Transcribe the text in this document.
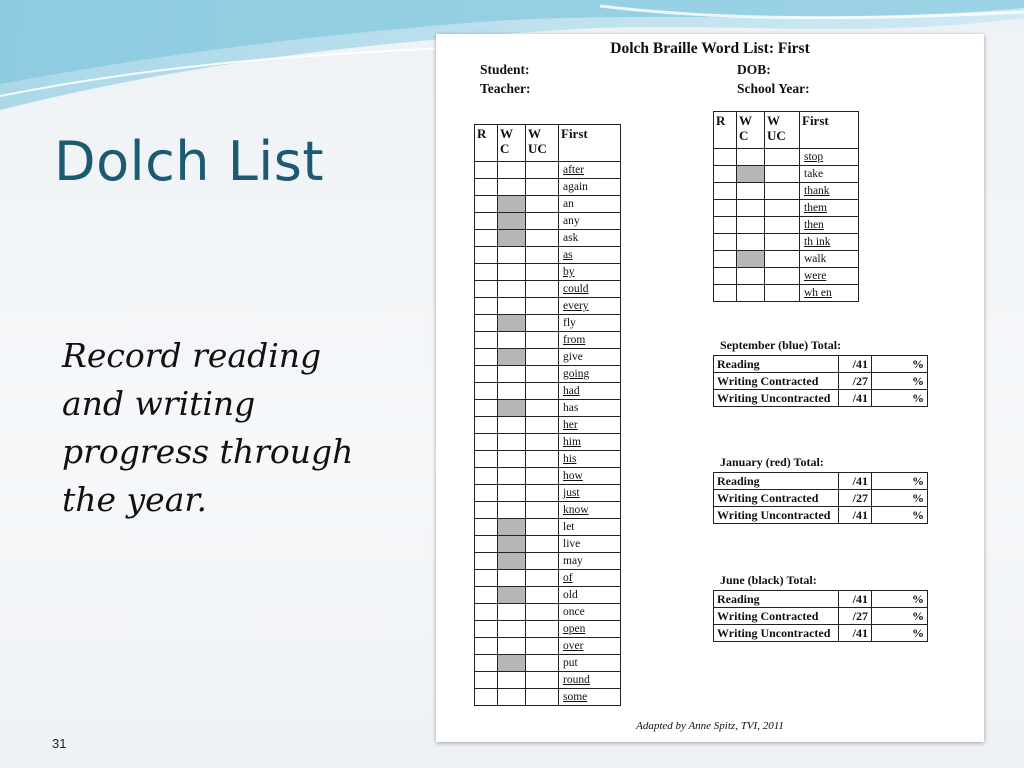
Dolch List
Record reading and writing progress through the year.
31
Dolch Braille Word List: First
Student:
Teacher:
DOB:
School Year:
R	W C	W UC	First
			after
			again
			an
			any
			ask
			as
			by
			could
			every
			fly
			from
			give
			going
			had
			has
			her
			him
			his
			how
			just
			know
			let
			live
			may
			of
			old
			once
			open
			over
			put
			round
			some
R	W C	W UC	First
			stop
			take
			thank
			them
			then
			th ink
			walk
			were
			wh en
September (blue) Total:
Reading	/41	%
Writing Contracted	/27	%
Writing Uncontracted	/41	%
January (red) Total:
Reading	/41	%
Writing Contracted	/27	%
Writing Uncontracted	/41	%
June (black) Total:
Reading	/41	%
Writing Contracted	/27	%
Writing Uncontracted	/41	%
Adapted by Anne Spitz, TVI, 2011
